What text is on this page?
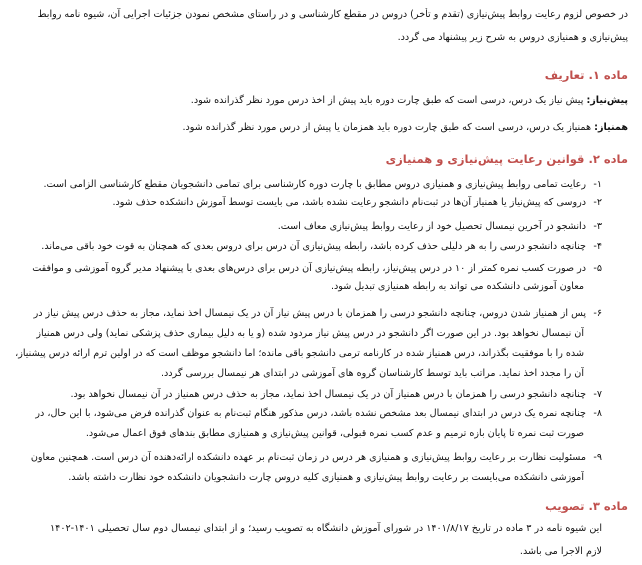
در خصوص لزوم رعایت روابط پیش‌نیازی (تقدم و تأخر) دروس در مقطع کارشناسی و در راستای مشخص نمودن جزئیات اجرایی آن، شیوه نامه روابط
پیش‌نیازی و همنیازی دروس به شرح زیر پیشنهاد می گردد.
ماده ۱. تعاریف
پیش‌نیاز: پیش نیاز یک درس، درسی است که طبق چارت دوره باید پیش از اخذ درس مورد نظر گذرانده شود.
همنیاز: همنیاز یک درس، درسی است که طبق چارت دوره باید همزمان یا پیش از درس مورد نظر گذرانده شود.
ماده ۲. قوانین رعایت پیش‌نیازی و همنیازی
۱-رعایت تمامی روابط پیش‌نیازی و همنیازی دروس مطابق با چارت دوره کارشناسی برای تمامی دانشجویان مقطع کارشناسی الزامی است.
۲-دروسی که پیش‌نیاز یا همنیاز آن‌ها در ثبت‌نام دانشجو رعایت نشده باشد، می بایست توسط آموزش دانشکده حذف شود.
۳-دانشجو در آخرین نیمسال تحصیل خود از رعایت روابط پیش‌نیازی معاف است.
۴-چنانچه دانشجو درسی را به هر دلیلی حذف کرده باشد، رابطه پیش‌نیازی آن درس برای دروس بعدی که همچنان به قوت خود باقی می‌ماند.
۵-در صورت کسب نمره کمتر از ۱۰ در درس پیش‌نیاز، رابطه پیش‌نیازی آن درس برای درس‌های بعدی با پیشنهاد مدیر گروه آموزشی و موافقت
معاون آموزشی دانشکده می تواند به رابطه همنیازی تبدیل شود.
۶-پس از همنیاز شدن دروس، چنانچه دانشجو درسی را همزمان با درس پیش نیاز آن در یک نیمسال اخذ نماید، مجاز به حذف درس پیش نیاز در
آن نیمسال نخواهد بود. در این صورت اگر دانشجو در درس پیش نیاز مردود شده (و یا به دلیل بیماری حذف پزشکی نماید) ولی درس همنیاز
شده را با موفقیت بگذراند، درس همنیاز شده در کارنامه ترمی دانشجو باقی مانده؛ اما دانشجو موظف است که در اولین ترم ارائه درس پیشنیاز،
آن را مجدد اخذ نماید. مراتب باید توسط کارشناسان گروه های آموزشی در ابتدای هر نیمسال بررسی گردد.
۷-چنانچه دانشجو درسی را همزمان با درس همنیاز آن در یک نیمسال اخذ نماید، مجاز به حذف درس همنیاز در آن نیمسال نخواهد بود.
۸-چنانچه نمره یک درس در ابتدای نیمسال بعد مشخص نشده باشد، درس مذکور هنگام ثبت‌نام به عنوان گذرانده فرض می‌شود، با این حال، در
صورت ثبت نمره تا پایان بازه ترمیم و عدم کسب نمره قبولی، قوانین پیش‌نیازی و همنیازی مطابق بندهای فوق اعمال می‌شود.
۹-مسئولیت نظارت بر رعایت روابط پیش‌نیازی و همنیازی هر درس در زمان ثبت‌نام بر عهده دانشکده ارائه‌دهنده آن درس است. همچنین معاون
آموزشی دانشکده می‌بایست بر رعایت روابط پیش‌نیازی و همنیازی کلیه دروس چارت دانشجویان دانشکده خود نظارت داشته باشد.
ماده ۳. تصویب
این شیوه نامه در ۳ ماده در تاریخ ۱۴۰۱/۸/۱۷ در شورای آموزش دانشگاه به تصویب رسید؛ و از ابتدای نیمسال دوم سال تحصیلی ۱۴۰۱-۱۴۰۲
لازم الاجرا می باشد.
